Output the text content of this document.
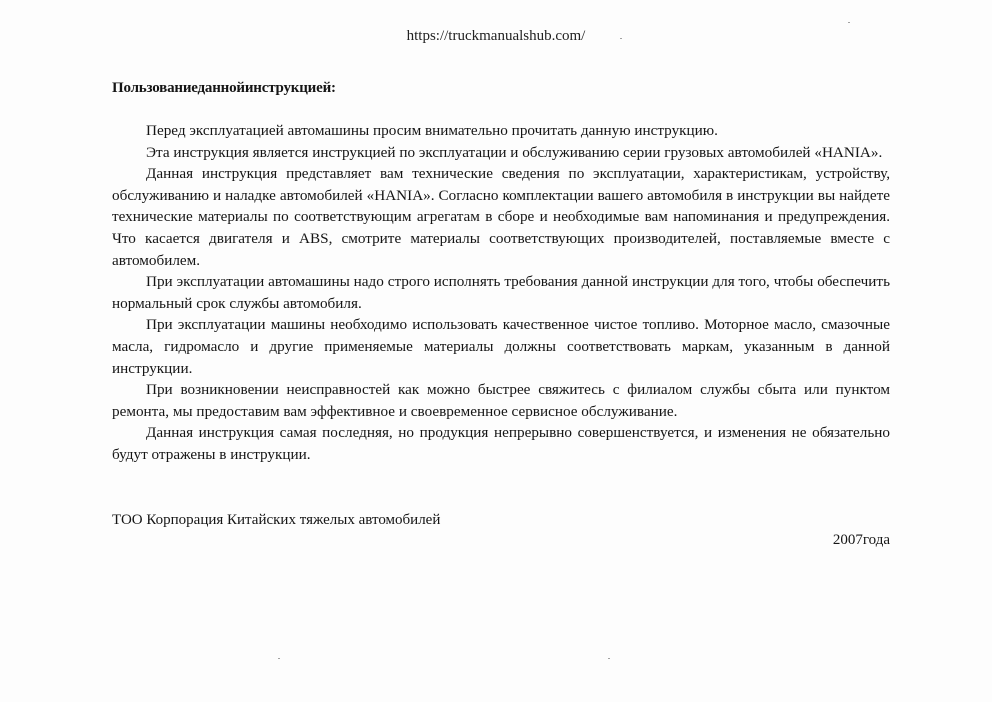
https://truckmanualshub.com/
Пользованиеданнойинструкцией:

Перед эксплуатацией автомашины просим внимательно прочитать данную инструкцию.

Эта инструкция является инструкцией по эксплуатации и обслуживанию серии грузовых автомобилей «HANIA».

Данная инструкция представляет вам технические сведения по эксплуатации, характеристикам, устройству, обслуживанию и наладке автомобилей «HANIA». Согласно комплектации вашего автомобиля в инструкции вы найдете технические материалы по соответствующим агрегатам в сборе и необходимые вам напоминания и предупреждения. Что касается двигателя и ABS, смотрите материалы соответствующих производителей, поставляемые вместе с автомобилем.

При эксплуатации автомашины надо строго исполнять требования данной инструкции для того, чтобы обеспечить нормальный срок службы автомобиля.

При эксплуатации машины необходимо использовать качественное чистое топливо. Моторное масло, смазочные масла, гидромасло и другие применяемые материалы должны соответствовать маркам, указанным в данной инструкции.

При возникновении неисправностей как можно быстрее свяжитесь с филиалом службы сбыта или пунктом ремонта, мы предоставим вам эффективное и своевременное сервисное обслуживание.

Данная инструкция самая последняя, но продукция непрерывно совершенствуется, и изменения не обязательно будут отражены в инструкции.

ТОО Корпорация Китайских тяжелых автомобилей
2007года
